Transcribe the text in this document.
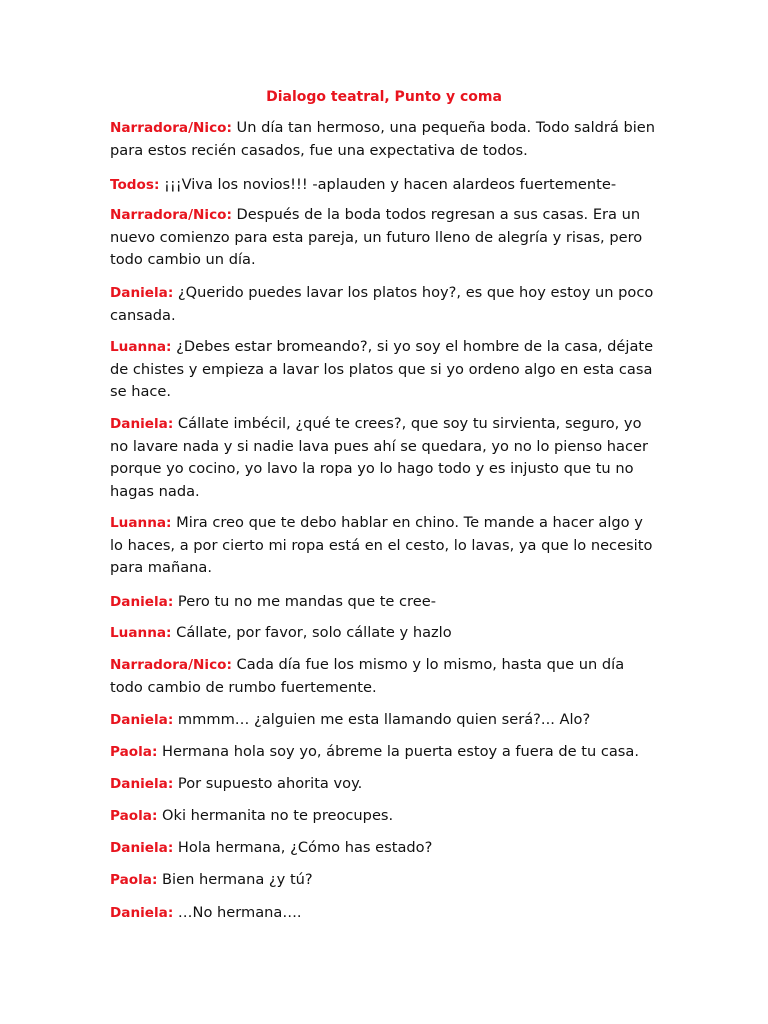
Dialogo teatral, Punto y coma

Narradora/Nico: Un día tan hermoso, una pequeña boda. Todo saldrá bien para estos recién casados, fue una expectativa de todos.

Todos: ¡¡¡Viva los novios!!! -aplauden y hacen alardeos fuertemente-

Narradora/Nico: Después de la boda todos regresan a sus casas. Era un nuevo comienzo para esta pareja, un futuro lleno de alegría y risas, pero todo cambio un día.

Daniela: ¿Querido puedes lavar los platos hoy?, es que hoy estoy un poco cansada.

Luanna: ¿Debes estar bromeando?, si yo soy el hombre de la casa, déjate de chistes y empieza a lavar los platos que si yo ordeno algo en esta casa se hace.

Daniela: Cállate imbécil, ¿qué te crees?, que soy tu sirvienta, seguro, yo no lavare nada y si nadie lava pues ahí se quedara, yo no lo pienso hacer porque yo cocino, yo lavo la ropa yo lo hago todo y es injusto que tu no hagas nada.

Luanna: Mira creo que te debo hablar en chino. Te mande a hacer algo y lo haces, a por cierto mi ropa está en el cesto, lo lavas, ya que lo necesito para mañana.

Daniela: Pero tu no me mandas que te cree-

Luanna: Cállate, por favor, solo cállate y hazlo

Narradora/Nico: Cada día fue los mismo y lo mismo, hasta que un día todo cambio de rumbo fuertemente.

Daniela: mmmm… ¿alguien me esta llamando quien será?... Alo?

Paola: Hermana hola soy yo, ábreme la puerta estoy a fuera de tu casa.

Daniela: Por supuesto ahorita voy.

Paola: Oki hermanita no te preocupes.

Daniela: Hola hermana, ¿Cómo has estado?

Paola: Bien hermana ¿y tú?

Daniela: …No hermana….
